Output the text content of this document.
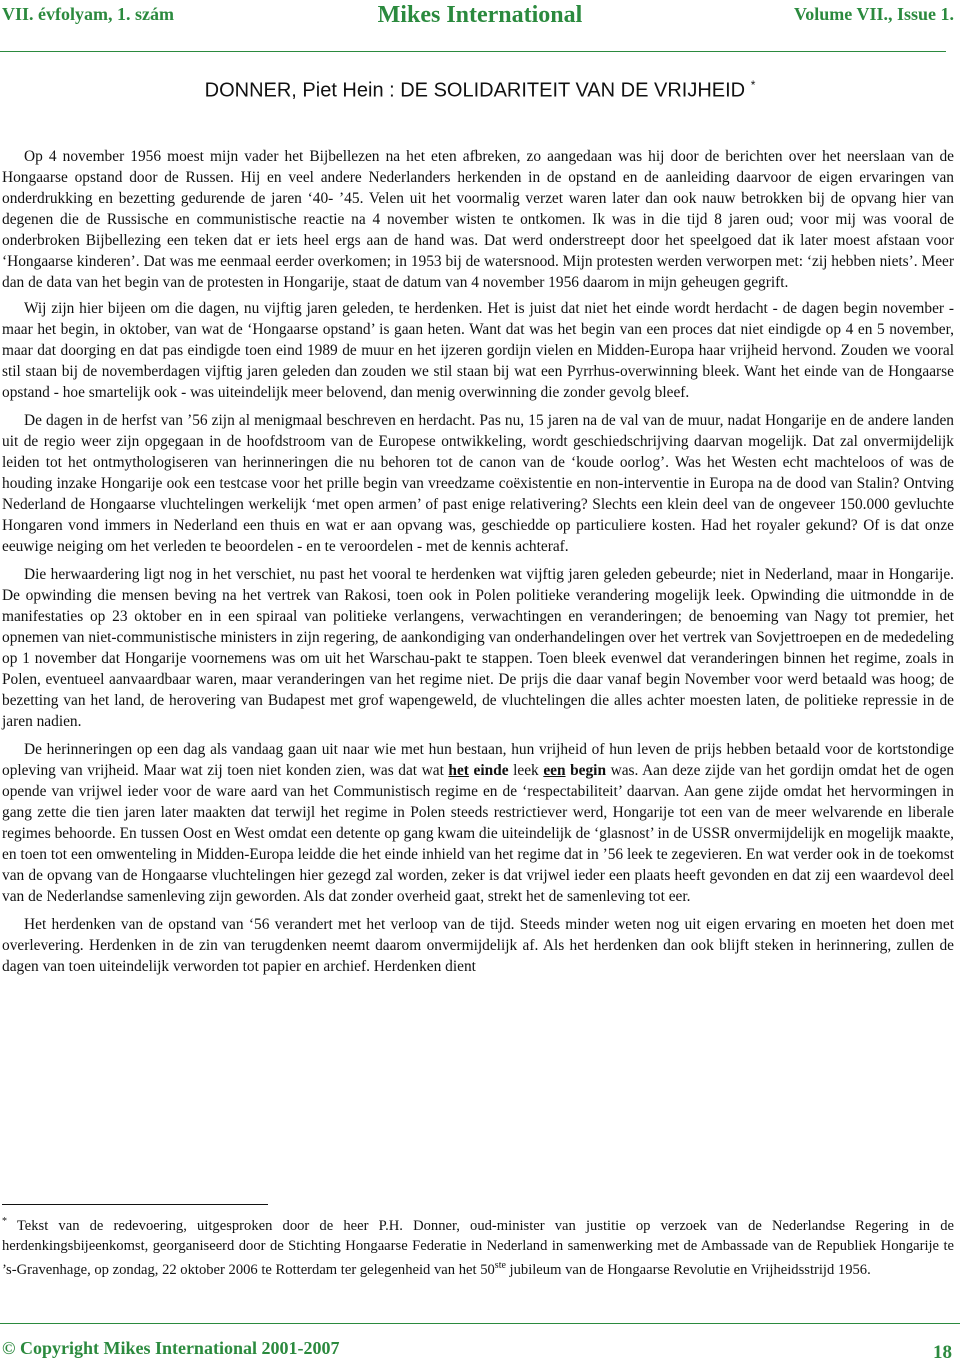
VII. évfolyam, 1. szám	Mikes International	Volume VII., Issue 1.
DONNER, Piet Hein : DE SOLIDARITEIT VAN DE VRIJHEID *

Op 4 november 1956 moest mijn vader het Bijbellezen na het eten afbreken, zo aangedaan was hij door de berichten over het neerslaan van de Hongaarse opstand door de Russen. Hij en veel andere Nederlanders herkenden in de opstand en de aanleiding daarvoor de eigen ervaringen van onderdrukking en bezetting gedurende de jaren ‘40- ’45. Velen uit het voormalig verzet waren later dan ook nauw betrokken bij de opvang hier van degenen die de Russische en communistische reactie na 4 november wisten te ontkomen. Ik was in die tijd 8 jaren oud; voor mij was vooral de onderbroken Bijbellezing een teken dat er iets heel ergs aan de hand was. Dat werd onderstreept door het speelgoed dat ik later moest afstaan voor ‘Hongaarse kinderen’. Dat was me eenmaal eerder overkomen; in 1953 bij de watersnood. Mijn protesten werden verworpen met: ‘zij hebben niets’. Meer dan de data van het begin van de protesten in Hongarije, staat de datum van 4 november 1956 daarom in mijn geheugen gegrift.

Wij zijn hier bijeen om die dagen, nu vijftig jaren geleden, te herdenken. Het is juist dat niet het einde wordt herdacht - de dagen begin november - maar het begin, in oktober, van wat de ‘Hongaarse opstand’ is gaan heten. Want dat was het begin van een proces dat niet eindigde op 4 en 5 november, maar dat doorging en dat pas eindigde toen eind 1989 de muur en het ijzeren gordijn vielen en Midden-Europa haar vrijheid hervond. Zouden we vooral stil staan bij de novemberdagen vijftig jaren geleden dan zouden we stil staan bij wat een Pyrrhus-overwinning bleek. Want het einde van de Hongaarse opstand - hoe smartelijk ook - was uiteindelijk meer belovend, dan menig overwinning die zonder gevolg bleef.

De dagen in de herfst van ’56 zijn al menigmaal beschreven en herdacht. Pas nu, 15 jaren na de val van de muur, nadat Hongarije en de andere landen uit de regio weer zijn opgegaan in de hoofdstroom van de Europese ontwikkeling, wordt geschiedschrijving daarvan mogelijk. Dat zal onvermijdelijk leiden tot het ontmythologiseren van herinneringen die nu behoren tot de canon van de ‘koude oorlog’. Was het Westen echt machteloos of was de houding inzake Hongarije ook een testcase voor het prille begin van vreedzame coëxistentie en non-interventie in Europa na de dood van Stalin? Ontving Nederland de Hongaarse vluchtelingen werkelijk ‘met open armen’ of past enige relativering? Slechts een klein deel van de ongeveer 150.000 gevluchte Hongaren vond immers in Nederland een thuis en wat er aan opvang was, geschiedde op particuliere kosten. Had het royaler gekund? Of is dat onze eeuwige neiging om het verleden te beoordelen - en te veroordelen - met de kennis achteraf.

Die herwaardering ligt nog in het verschiet, nu past het vooral te herdenken wat vijftig jaren geleden gebeurde; niet in Nederland, maar in Hongarije. De opwinding die mensen beving na het vertrek van Rakosi, toen ook in Polen politieke verandering mogelijk leek. Opwinding die uitmondde in de manifestaties op 23 oktober en in een spiraal van politieke verlangens, verwachtingen en veranderingen; de benoeming van Nagy tot premier, het opnemen van niet-communistische ministers in zijn regering, de aankondiging van onderhandelingen over het vertrek van Sovjettroepen en de mededeling op 1 november dat Hongarije voornemens was om uit het Warschau-pakt te stappen. Toen bleek evenwel dat veranderingen binnen het regime, zoals in Polen, eventueel aanvaardbaar waren, maar veranderingen van het regime niet. De prijs die daar vanaf begin November voor werd betaald was hoog; de bezetting van het land, de herovering van Budapest met grof wapengeweld, de vluchtelingen die alles achter moesten laten, de politieke repressie in de jaren nadien.

De herinneringen op een dag als vandaag gaan uit naar wie met hun bestaan, hun vrijheid of hun leven de prijs hebben betaald voor de kortstondige opleving van vrijheid. Maar wat zij toen niet konden zien, was dat wat het einde leek een begin was. Aan deze zijde van het gordijn omdat het de ogen opende van vrijwel ieder voor de ware aard van het Communistisch regime en de ‘respectabiliteit’ daarvan. Aan gene zijde omdat het hervormingen in gang zette die tien jaren later maakten dat terwijl het regime in Polen steeds restrictiever werd, Hongarije tot een van de meer welvarende en liberale regimes behoorde. En tussen Oost en West omdat een detente op gang kwam die uiteindelijk de ‘glasnost’ in de USSR onvermijdelijk en mogelijk maakte, en toen tot een omwenteling in Midden-Europa leidde die het einde inhield van het regime dat in ’56 leek te zegevieren. En wat verder ook in de toekomst van de opvang van de Hongaarse vluchtelingen hier gezegd zal worden, zeker is dat vrijwel ieder een plaats heeft gevonden en dat zij een waardevol deel van de Nederlandse samenleving zijn geworden. Als dat zonder overheid gaat, strekt het de samenleving tot eer.

Het herdenken van de opstand van ‘56 verandert met het verloop van de tijd. Steeds minder weten nog uit eigen ervaring en moeten het doen met overlevering. Herdenken in de zin van terugdenken neemt daarom onvermijdelijk af. Als het herdenken dan ook blijft steken in herinnering, zullen de dagen van toen uiteindelijk verworden tot papier en archief. Herdenken dient

* Tekst van de redevoering, uitgesproken door de heer P.H. Donner, oud-minister van justitie op verzoek van de Nederlandse Regering in de herdenkingsbijeenkomst, georganiseerd door de Stichting Hongaarse Federatie in Nederland in samenwerking met de Ambassade van de Republiek Hongarije te ’s-Gravenhage, op zondag, 22 oktober 2006 te Rotterdam ter gelegenheid van het 50ste jubileum van de Hongaarse Revolutie en Vrijheidsstrijd 1956.
© Copyright Mikes International 2001-2007	18
